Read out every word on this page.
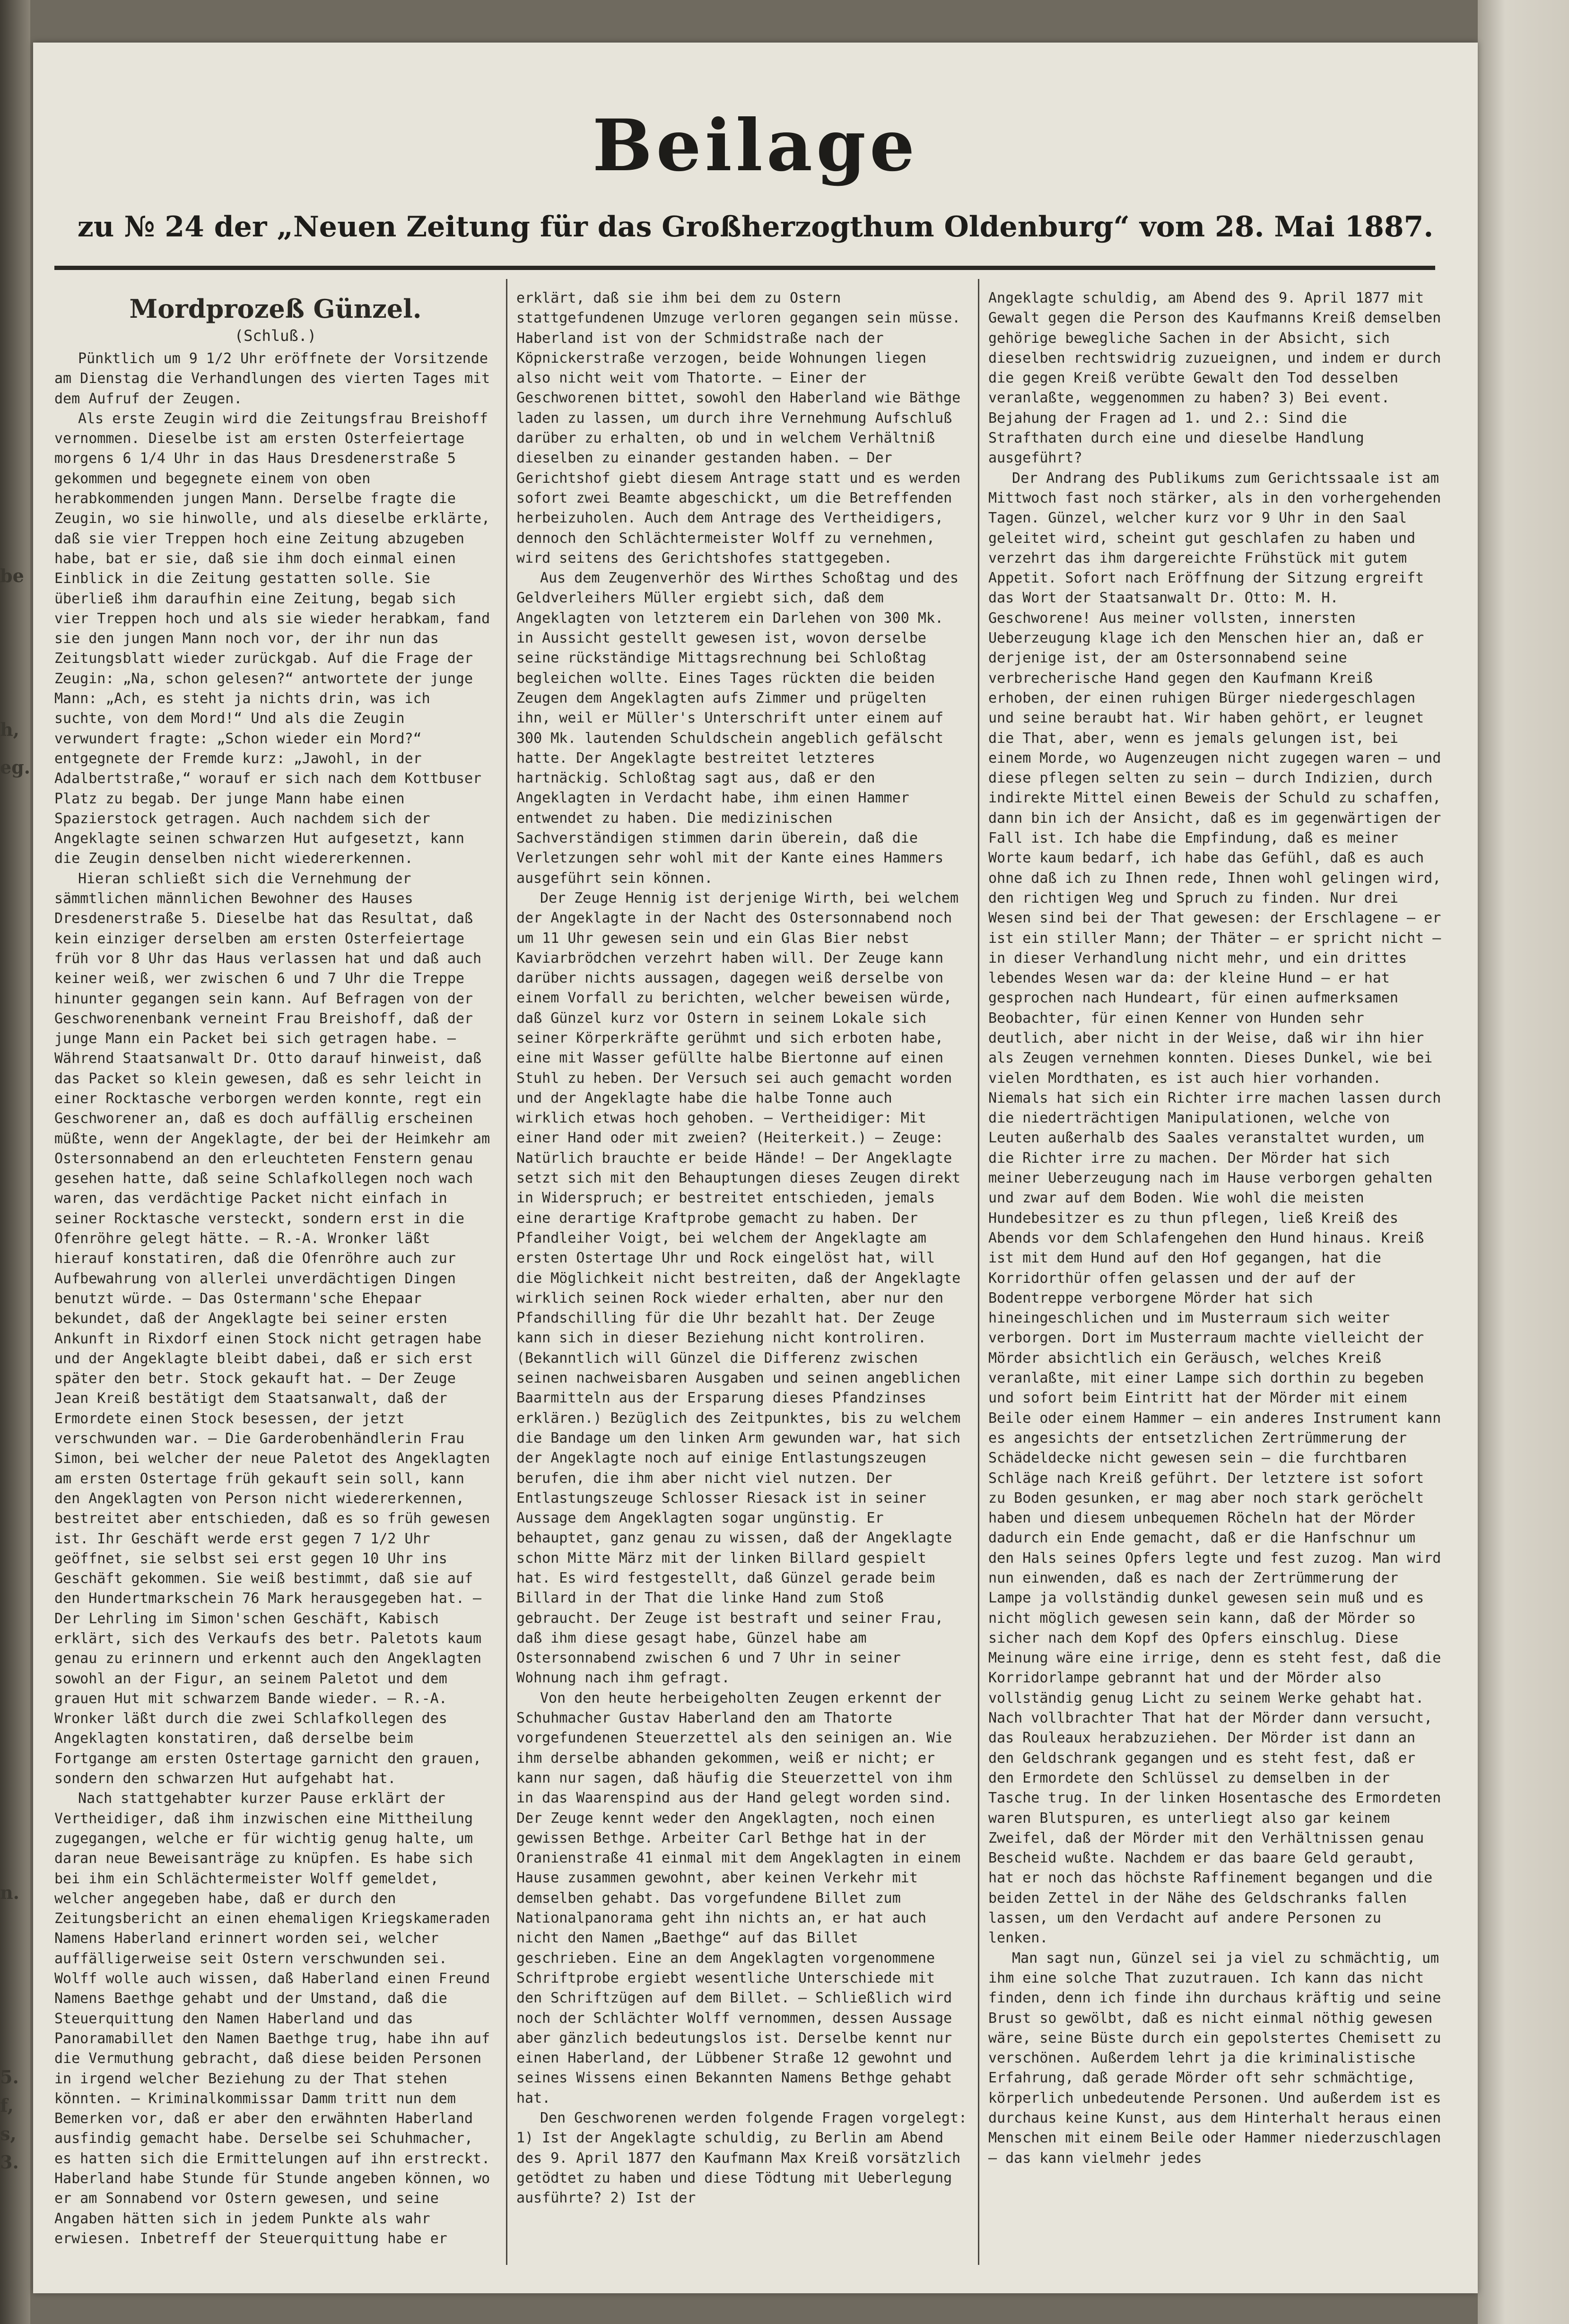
be
h,
eg.
n.
5.
f,
s,
3.
Beilage
zu № 24 der „Neuen Zeitung für das Großherzogthum Oldenburg“ vom 28. Mai 1887.
Mordprozeß Günzel.
(Schluß.)

Pünktlich um 9 1/2 Uhr eröffnete der Vorsitzende am Dienstag die Verhandlungen des vierten Tages mit dem Aufruf der Zeugen.

Als erste Zeugin wird die Zeitungsfrau Breishoff vernommen. Dieselbe ist am ersten Osterfeiertage morgens 6 1/4 Uhr in das Haus Dresdenerstraße 5 gekommen und begegnete einem von oben herabkommenden jungen Mann. Derselbe fragte die Zeugin, wo sie hinwolle, und als dieselbe erklärte, daß sie vier Treppen hoch eine Zeitung abzugeben habe, bat er sie, daß sie ihm doch einmal einen Einblick in die Zeitung gestatten solle. Sie überließ ihm daraufhin eine Zeitung, begab sich vier Treppen hoch und als sie wieder herabkam, fand sie den jungen Mann noch vor, der ihr nun das Zeitungsblatt wieder zurückgab. Auf die Frage der Zeugin: „Na, schon gelesen?“ antwortete der junge Mann: „Ach, es steht ja nichts drin, was ich suchte, von dem Mord!“ Und als die Zeugin verwundert fragte: „Schon wieder ein Mord?“ entgegnete der Fremde kurz: „Jawohl, in der Adalbertstraße,“ worauf er sich nach dem Kottbuser Platz zu begab. Der junge Mann habe einen Spazierstock getragen. Auch nachdem sich der Angeklagte seinen schwarzen Hut aufgesetzt, kann die Zeugin denselben nicht wiedererkennen.

Hieran schließt sich die Vernehmung der sämmtlichen männlichen Bewohner des Hauses Dresdenerstraße 5. Dieselbe hat das Resultat, daß kein einziger derselben am ersten Osterfeiertage früh vor 8 Uhr das Haus verlassen hat und daß auch keiner weiß, wer zwischen 6 und 7 Uhr die Treppe hinunter gegangen sein kann. Auf Befragen von der Geschworenenbank verneint Frau Breishoff, daß der junge Mann ein Packet bei sich getragen habe. — Während Staatsanwalt Dr. Otto darauf hinweist, daß das Packet so klein gewesen, daß es sehr leicht in einer Rocktasche verborgen werden konnte, regt ein Geschworener an, daß es doch auffällig erscheinen müßte, wenn der Angeklagte, der bei der Heimkehr am Ostersonnabend an den erleuchteten Fenstern genau gesehen hatte, daß seine Schlafkollegen noch wach waren, das verdächtige Packet nicht einfach in seiner Rocktasche versteckt, sondern erst in die Ofenröhre gelegt hätte. — R.-A. Wronker läßt hierauf konstatiren, daß die Ofenröhre auch zur Aufbewahrung von allerlei unverdächtigen Dingen benutzt würde. — Das Ostermann'sche Ehepaar bekundet, daß der Angeklagte bei seiner ersten Ankunft in Rixdorf einen Stock nicht getragen habe und der Angeklagte bleibt dabei, daß er sich erst später den betr. Stock gekauft hat. — Der Zeuge Jean Kreiß bestätigt dem Staatsanwalt, daß der Ermordete einen Stock besessen, der jetzt verschwunden war. — Die Garderobenhändlerin Frau Simon, bei welcher der neue Paletot des Angeklagten am ersten Ostertage früh gekauft sein soll, kann den Angeklagten von Person nicht wiedererkennen, bestreitet aber entschieden, daß es so früh gewesen ist. Ihr Geschäft werde erst gegen 7 1/2 Uhr geöffnet, sie selbst sei erst gegen 10 Uhr ins Geschäft gekommen. Sie weiß bestimmt, daß sie auf den Hundertmarkschein 76 Mark herausgegeben hat. — Der Lehrling im Simon'schen Geschäft, Kabisch erklärt, sich des Verkaufs des betr. Paletots kaum genau zu erinnern und erkennt auch den Angeklagten sowohl an der Figur, an seinem Paletot und dem grauen Hut mit schwarzem Bande wieder. — R.-A. Wronker läßt durch die zwei Schlafkollegen des Angeklagten konstatiren, daß derselbe beim Fortgange am ersten Ostertage garnicht den grauen, sondern den schwarzen Hut aufgehabt hat.

Nach stattgehabter kurzer Pause erklärt der Vertheidiger, daß ihm inzwischen eine Mittheilung zugegangen, welche er für wichtig genug halte, um daran neue Beweisanträge zu knüpfen. Es habe sich bei ihm ein Schlächtermeister Wolff gemeldet, welcher angegeben habe, daß er durch den Zeitungsbericht an einen ehemaligen Kriegskameraden Namens Haberland erinnert worden sei, welcher auffälligerweise seit Ostern verschwunden sei. Wolff wolle auch wissen, daß Haberland einen Freund Namens Baethge gehabt und der Umstand, daß die Steuerquittung den Namen Haberland und das Panoramabillet den Namen Baethge trug, habe ihn auf die Vermuthung gebracht, daß diese beiden Personen in irgend welcher Beziehung zu der That stehen könnten. — Kriminalkommissar Damm tritt nun dem Bemerken vor, daß er aber den erwähnten Haberland ausfindig gemacht habe. Derselbe sei Schuhmacher, es hatten sich die Ermittelungen auf ihn erstreckt. Haberland habe Stunde für Stunde angeben können, wo er am Sonnabend vor Ostern gewesen, und seine Angaben hätten sich in jedem Punkte als wahr erwiesen. Inbetreff der Steuerquittung habe er

erklärt, daß sie ihm bei dem zu Ostern stattgefundenen Umzuge verloren gegangen sein müsse. Haberland ist von der Schmidstraße nach der Köpnickerstraße verzogen, beide Wohnungen liegen also nicht weit vom Thatorte. — Einer der Geschworenen bittet, sowohl den Haberland wie Bäthge laden zu lassen, um durch ihre Vernehmung Aufschluß darüber zu erhalten, ob und in welchem Verhältniß dieselben zu einander gestanden haben. — Der Gerichtshof giebt diesem Antrage statt und es werden sofort zwei Beamte abgeschickt, um die Betreffenden herbeizuholen. Auch dem Antrage des Vertheidigers, dennoch den Schlächtermeister Wolff zu vernehmen, wird seitens des Gerichtshofes stattgegeben.

Aus dem Zeugenverhör des Wirthes Schoßtag und des Geldverleihers Müller ergiebt sich, daß dem Angeklagten von letzterem ein Darlehen von 300 Mk. in Aussicht gestellt gewesen ist, wovon derselbe seine rückständige Mittagsrechnung bei Schloßtag begleichen wollte. Eines Tages rückten die beiden Zeugen dem Angeklagten aufs Zimmer und prügelten ihn, weil er Müller's Unterschrift unter einem auf 300 Mk. lautenden Schuldschein angeblich gefälscht hatte. Der Angeklagte bestreitet letzteres hartnäckig. Schloßtag sagt aus, daß er den Angeklagten in Verdacht habe, ihm einen Hammer entwendet zu haben. Die medizinischen Sachverständigen stimmen darin überein, daß die Verletzungen sehr wohl mit der Kante eines Hammers ausgeführt sein können.

Der Zeuge Hennig ist derjenige Wirth, bei welchem der Angeklagte in der Nacht des Ostersonnabend noch um 11 Uhr gewesen sein und ein Glas Bier nebst Kaviarbrödchen verzehrt haben will. Der Zeuge kann darüber nichts aussagen, dagegen weiß derselbe von einem Vorfall zu berichten, welcher beweisen würde, daß Günzel kurz vor Ostern in seinem Lokale sich seiner Körperkräfte gerühmt und sich erboten habe, eine mit Wasser gefüllte halbe Biertonne auf einen Stuhl zu heben. Der Versuch sei auch gemacht worden und der Angeklagte habe die halbe Tonne auch wirklich etwas hoch gehoben. — Vertheidiger: Mit einer Hand oder mit zweien? (Heiterkeit.) — Zeuge: Natürlich brauchte er beide Hände! — Der Angeklagte setzt sich mit den Behauptungen dieses Zeugen direkt in Widerspruch; er bestreitet entschieden, jemals eine derartige Kraftprobe gemacht zu haben. Der Pfandleiher Voigt, bei welchem der Angeklagte am ersten Ostertage Uhr und Rock eingelöst hat, will die Möglichkeit nicht bestreiten, daß der Angeklagte wirklich seinen Rock wieder erhalten, aber nur den Pfandschilling für die Uhr bezahlt hat. Der Zeuge kann sich in dieser Beziehung nicht kontroliren. (Bekanntlich will Günzel die Differenz zwischen seinen nachweisbaren Ausgaben und seinen angeblichen Baarmitteln aus der Ersparung dieses Pfandzinses erklären.) Bezüglich des Zeitpunktes, bis zu welchem die Bandage um den linken Arm gewunden war, hat sich der Angeklagte noch auf einige Entlastungszeugen berufen, die ihm aber nicht viel nutzen. Der Entlastungszeuge Schlosser Riesack ist in seiner Aussage dem Angeklagten sogar ungünstig. Er behauptet, ganz genau zu wissen, daß der Angeklagte schon Mitte März mit der linken Billard gespielt hat. Es wird festgestellt, daß Günzel gerade beim Billard in der That die linke Hand zum Stoß gebraucht. Der Zeuge ist bestraft und seiner Frau, daß ihm diese gesagt habe, Günzel habe am Ostersonnabend zwischen 6 und 7 Uhr in seiner Wohnung nach ihm gefragt.

Von den heute herbeigeholten Zeugen erkennt der Schuhmacher Gustav Haberland den am Thatorte vorgefundenen Steuerzettel als den seinigen an. Wie ihm derselbe abhanden gekommen, weiß er nicht; er kann nur sagen, daß häufig die Steuerzettel von ihm in das Waarenspind aus der Hand gelegt worden sind. Der Zeuge kennt weder den Angeklagten, noch einen gewissen Bethge. Arbeiter Carl Bethge hat in der Oranienstraße 41 einmal mit dem Angeklagten in einem Hause zusammen gewohnt, aber keinen Verkehr mit demselben gehabt. Das vorgefundene Billet zum Nationalpanorama geht ihn nichts an, er hat auch nicht den Namen „Baethge“ auf das Billet geschrieben. Eine an dem Angeklagten vorgenommene Schriftprobe ergiebt wesentliche Unterschiede mit den Schriftzügen auf dem Billet. — Schließlich wird noch der Schlächter Wolff vernommen, dessen Aussage aber gänzlich bedeutungslos ist. Derselbe kennt nur einen Haberland, der Lübbener Straße 12 gewohnt und seines Wissens einen Bekannten Namens Bethge gehabt hat.

Den Geschworenen werden folgende Fragen vorgelegt: 1) Ist der Angeklagte schuldig, zu Berlin am Abend des 9. April 1877 den Kaufmann Max Kreiß vorsätzlich getödtet zu haben und diese Tödtung mit Ueberlegung ausführte? 2) Ist der

Angeklagte schuldig, am Abend des 9. April 1877 mit Gewalt gegen die Person des Kaufmanns Kreiß demselben gehörige bewegliche Sachen in der Absicht, sich dieselben rechtswidrig zuzueignen, und indem er durch die gegen Kreiß verübte Gewalt den Tod desselben veranlaßte, weggenommen zu haben? 3) Bei event. Bejahung der Fragen ad 1. und 2.: Sind die Strafthaten durch eine und dieselbe Handlung ausgeführt?

Der Andrang des Publikums zum Gerichtssaale ist am Mittwoch fast noch stärker, als in den vorhergehenden Tagen. Günzel, welcher kurz vor 9 Uhr in den Saal geleitet wird, scheint gut geschlafen zu haben und verzehrt das ihm dargereichte Frühstück mit gutem Appetit. Sofort nach Eröffnung der Sitzung ergreift das Wort der Staatsanwalt Dr. Otto: M. H. Geschworene! Aus meiner vollsten, innersten Ueberzeugung klage ich den Menschen hier an, daß er derjenige ist, der am Ostersonnabend seine verbrecherische Hand gegen den Kaufmann Kreiß erhoben, der einen ruhigen Bürger niedergeschlagen und seine beraubt hat. Wir haben gehört, er leugnet die That, aber, wenn es jemals gelungen ist, bei einem Morde, wo Augenzeugen nicht zugegen waren — und diese pflegen selten zu sein — durch Indizien, durch indirekte Mittel einen Beweis der Schuld zu schaffen, dann bin ich der Ansicht, daß es im gegenwärtigen der Fall ist. Ich habe die Empfindung, daß es meiner Worte kaum bedarf, ich habe das Gefühl, daß es auch ohne daß ich zu Ihnen rede, Ihnen wohl gelingen wird, den richtigen Weg und Spruch zu finden. Nur drei Wesen sind bei der That gewesen: der Erschlagene — er ist ein stiller Mann; der Thäter — er spricht nicht — in dieser Verhandlung nicht mehr, und ein drittes lebendes Wesen war da: der kleine Hund — er hat gesprochen nach Hundeart, für einen aufmerksamen Beobachter, für einen Kenner von Hunden sehr deutlich, aber nicht in der Weise, daß wir ihn hier als Zeugen vernehmen konnten. Dieses Dunkel, wie bei vielen Mordthaten, es ist auch hier vorhanden. Niemals hat sich ein Richter irre machen lassen durch die niederträchtigen Manipulationen, welche von Leuten außerhalb des Saales veranstaltet wurden, um die Richter irre zu machen. Der Mörder hat sich meiner Ueberzeugung nach im Hause verborgen gehalten und zwar auf dem Boden. Wie wohl die meisten Hundebesitzer es zu thun pflegen, ließ Kreiß des Abends vor dem Schlafengehen den Hund hinaus. Kreiß ist mit dem Hund auf den Hof gegangen, hat die Korridorthür offen gelassen und der auf der Bodentreppe verborgene Mörder hat sich hineingeschlichen und im Musterraum sich weiter verborgen. Dort im Musterraum machte vielleicht der Mörder absichtlich ein Geräusch, welches Kreiß veranlaßte, mit einer Lampe sich dorthin zu begeben und sofort beim Eintritt hat der Mörder mit einem Beile oder einem Hammer — ein anderes Instrument kann es angesichts der entsetzlichen Zertrümmerung der Schädeldecke nicht gewesen sein — die furchtbaren Schläge nach Kreiß geführt. Der letztere ist sofort zu Boden gesunken, er mag aber noch stark geröchelt haben und diesem unbequemen Röcheln hat der Mörder dadurch ein Ende gemacht, daß er die Hanfschnur um den Hals seines Opfers legte und fest zuzog. Man wird nun einwenden, daß es nach der Zertrümmerung der Lampe ja vollständig dunkel gewesen sein muß und es nicht möglich gewesen sein kann, daß der Mörder so sicher nach dem Kopf des Opfers einschlug. Diese Meinung wäre eine irrige, denn es steht fest, daß die Korridorlampe gebrannt hat und der Mörder also vollständig genug Licht zu seinem Werke gehabt hat. Nach vollbrachter That hat der Mörder dann versucht, das Rouleaux herabzuziehen. Der Mörder ist dann an den Geldschrank gegangen und es steht fest, daß er den Ermordete den Schlüssel zu demselben in der Tasche trug. In der linken Hosentasche des Ermordeten waren Blutspuren, es unterliegt also gar keinem Zweifel, daß der Mörder mit den Verhältnissen genau Bescheid wußte. Nachdem er das baare Geld geraubt, hat er noch das höchste Raffinement begangen und die beiden Zettel in der Nähe des Geldschranks fallen lassen, um den Verdacht auf andere Personen zu lenken.

Man sagt nun, Günzel sei ja viel zu schmächtig, um ihm eine solche That zuzutrauen. Ich kann das nicht finden, denn ich finde ihn durchaus kräftig und seine Brust so gewölbt, daß es nicht einmal nöthig gewesen wäre, seine Büste durch ein gepolstertes Chemisett zu verschönen. Außerdem lehrt ja die kriminalistische Erfahrung, daß gerade Mörder oft sehr schmächtige, körperlich unbedeutende Personen. Und außerdem ist es durchaus keine Kunst, aus dem Hinterhalt heraus einen Menschen mit einem Beile oder Hammer niederzuschlagen — das kann vielmehr jedes
